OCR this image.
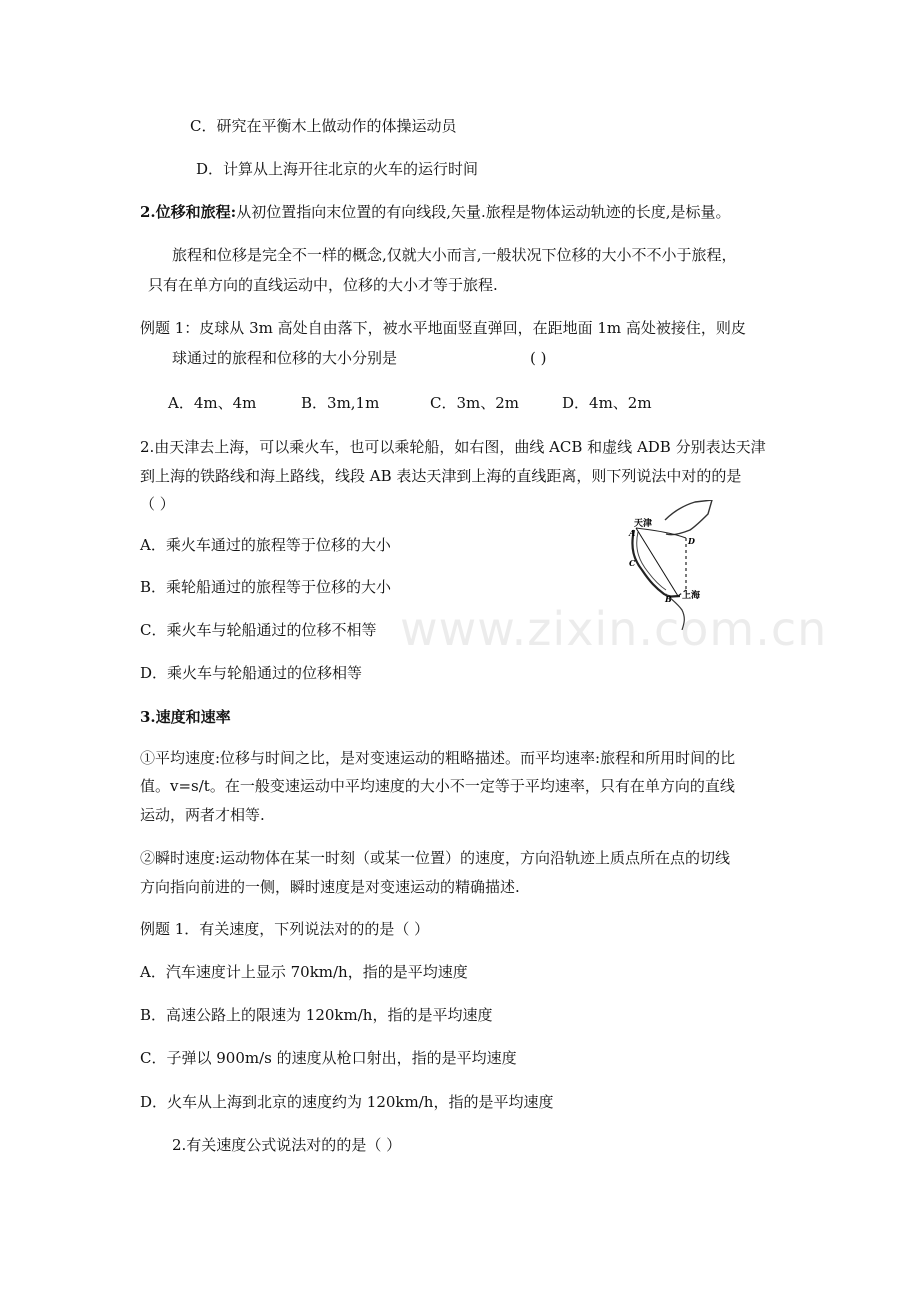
C．研究在平衡木上做动作的体操运动员
D．计算从上海开往北京的火车的运行时间
2.位移和旅程:从初位置指向末位置的有向线段,矢量.旅程是物体运动轨迹的长度,是标量。
旅程和位移是完全不一样的概念,仅就大小而言,一般状况下位移的大小不不小于旅程，
只有在单方向的直线运动中，位移的大小才等于旅程.
例题 1：皮球从 3m 高处自由落下，被水平地面竖直弹回，在距地面 1m 高处被接住，则皮
球通过的旅程和位移的大小分别是	( )
A．4m、4m	B．3m,1m	C．3m、2m	D．4m、2m
2.由天津去上海，可以乘火车，也可以乘轮船，如右图，曲线 ACB 和虚线 ADB 分别表达天津
到上海的铁路线和海上路线，线段 AB 表达天津到上海的直线距离，则下列说法中对的的是
（ ）
A．乘火车通过的旅程等于位移的大小
B．乘轮船通过的旅程等于位移的大小
C．乘火车与轮船通过的位移不相等
D．乘火车与轮船通过的位移相等
天津
A
D
C
B 上海
3.速度和速率
①平均速度:位移与时间之比，是对变速运动的粗略描述。而平均速率:旅程和所用时间的比
值。v=s/t。在一般变速运动中平均速度的大小不一定等于平均速率，只有在单方向的直线
运动，两者才相等.
②瞬时速度:运动物体在某一时刻（或某一位置）的速度，方向沿轨迹上质点所在点的切线
方向指向前进的一侧，瞬时速度是对变速运动的精确描述.
例题 1．有关速度，下列说法对的的是（ ）
A．汽车速度计上显示 70km/h，指的是平均速度
B．高速公路上的限速为 120km/h，指的是平均速度
C．子弹以 900m/s 的速度从枪口射出，指的是平均速度
D．火车从上海到北京的速度约为 120km/h，指的是平均速度
2.有关速度公式说法对的的是（ ）
www.zixin.com.cn
